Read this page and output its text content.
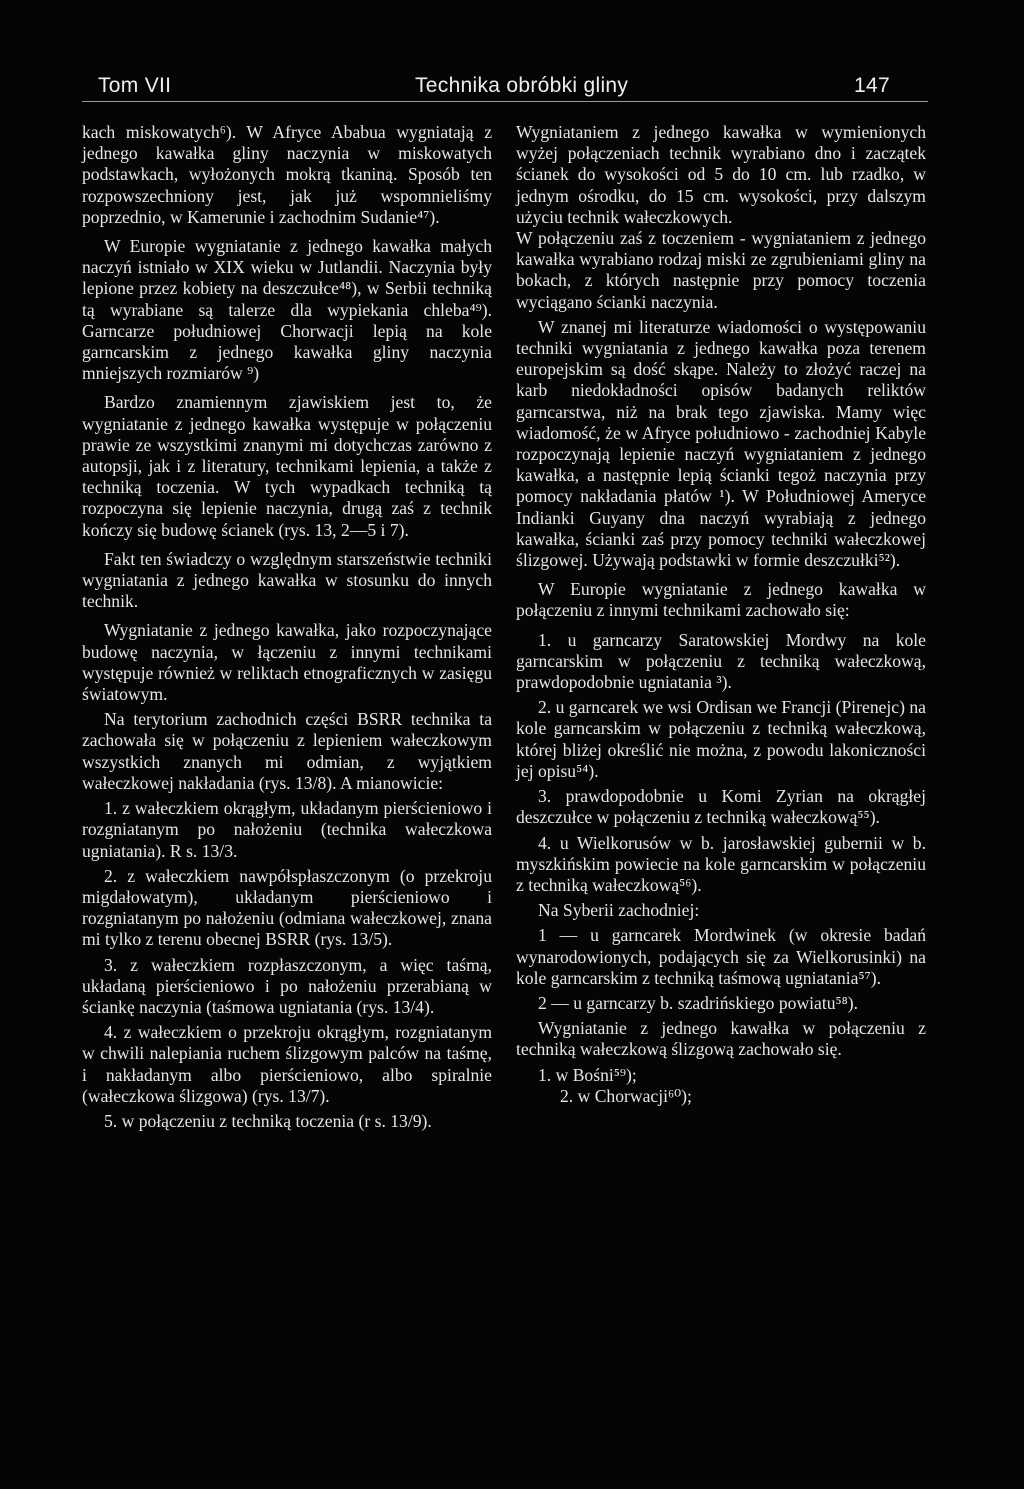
Tom VII	Technika obróbki gliny	147

kach miskowatych⁶). W Afryce Ababua wygniatają z jednego kawałka gliny naczynia w miskowatych podstawkach, wyłożonych mokrą tkaniną. Sposób ten rozpowszechniony jest, jak już wspomnieliśmy poprzednio, w Kamerunie i zachodnim Sudanie⁴⁷).

W Europie wygniatanie z jednego kawałka małych naczyń istniało w XIX wieku w Jutlandii. Naczynia były lepione przez kobiety na deszczułce⁴⁸), w Serbii techniką tą wyrabiane są talerze dla wypiekania chleba⁴⁹). Garncarze południowej Chorwacji lepią na kole garncarskim z jednego kawałka gliny naczynia mniejszych rozmiarów ⁹)

Bardzo znamiennym zjawiskiem jest to, że wygniatanie z jednego kawałka występuje w połączeniu prawie ze wszystkimi znanymi mi dotychczas zarówno z autopsji, jak i z literatury, technikami lepienia, a także z techniką toczenia. W tych wypadkach techniką tą rozpoczyna się lepienie naczynia, drugą zaś z technik kończy się budowę ścianek (rys. 13, 2—5 i 7).

Fakt ten świadczy o względnym starszeństwie techniki wygniatania z jednego kawałka w stosunku do innych technik.

Wygniatanie z jednego kawałka, jako rozpoczynające budowę naczynia, w łączeniu z innymi technikami występuje również w reliktach etnograficznych w zasięgu światowym.

Na terytorium zachodnich części BSRR technika ta zachowała się w połączeniu z lepieniem wałeczkowym wszystkich znanych mi odmian, z wyjątkiem wałeczkowej nakładania (rys. 13/8). A mianowicie:

1. z wałeczkiem okrągłym, układanym pierścieniowo i rozgniatanym po nałożeniu (technika wałeczkowa ugniatania). R s. 13/3.

2. z wałeczkiem nawpółspłaszczonym (o przekroju migdałowatym), układanym pierścieniowo i rozgniatanym po nałożeniu (odmiana wałeczkowej, znana mi tylko z terenu obecnej BSRR (rys. 13/5).

3. z wałeczkiem rozpłaszczonym, a więc taśmą, układaną pierścieniowo i po nałożeniu przerabianą w ściankę naczynia (taśmowa ugniatania (rys. 13/4).

4. z wałeczkiem o przekroju okrągłym, rozgniatanym w chwili nalepiania ruchem ślizgowym palców na taśmę, i nakładanym albo pierścieniowo, albo spiralnie (wałeczkowa ślizgowa) (rys. 13/7).

5. w połączeniu z techniką toczenia (r s. 13/9).

Wygniataniem z jednego kawałka w wymienionych wyżej połączeniach technik wyrabiano dno i zaczątek ścianek do wysokości od 5 do 10 cm. lub rzadko, w jednym ośrodku, do 15 cm. wysokości, przy dalszym użyciu technik wałeczkowych.

W połączeniu zaś z toczeniem - wygniataniem z jednego kawałka wyrabiano rodzaj miski ze zgrubieniami gliny na bokach, z których następnie przy pomocy toczenia wyciągano ścianki naczynia.

W znanej mi literaturze wiadomości o występowaniu techniki wygniatania z jednego kawałka poza terenem europejskim są dość skąpe. Należy to złożyć raczej na karb niedokładności opisów badanych reliktów garncarstwa, niż na brak tego zjawiska. Mamy więc wiadomość, że w Afryce południowo - zachodniej Kabyle rozpoczynają lepienie naczyń wygniataniem z jednego kawałka, a następnie lepią ścianki tegoż naczynia przy pomocy nakładania płatów ¹). W Południowej Ameryce Indianki Guyany dna naczyń wyrabiają z jednego kawałka, ścianki zaś przy pomocy techniki wałeczkowej ślizgowej. Używają podstawki w formie deszczułki⁵²).

W Europie wygniatanie z jednego kawałka w połączeniu z innymi technikami zachowało się:

1. u garncarzy Saratowskiej Mordwy na kole garncarskim w połączeniu z techniką wałeczkową, prawdopodobnie ugniatania ³).

2. u garncarek we wsi Ordisan we Francji (Pirenejc) na kole garncarskim w połączeniu z techniką wałeczkową, której bliżej określić nie można, z powodu lakoniczności jej opisu⁵⁴).

3. prawdopodobnie u Komi Zyrian na okrągłej deszczułce w połączeniu z techniką wałeczkową⁵⁵).

4. u Wielkorusów w b. jarosławskiej gubernii w b. myszkińskim powiecie na kole garncarskim w połączeniu z techniką wałeczkową⁵⁶).

Na Syberii zachodniej:

1 — u garncarek Mordwinek (w okresie badań wynarodowionych, podających się za Wielkorusinki) na kole garncarskim z techniką taśmową ugniatania⁵⁷).

2 — u garncarzy b. szadrińskiego powiatu⁵⁸).

Wygniatanie z jednego kawałka w połączeniu z techniką wałeczkową ślizgową zachowało się.

1. w Bośni⁵⁹);

2. w Chorwacji⁶⁰);
